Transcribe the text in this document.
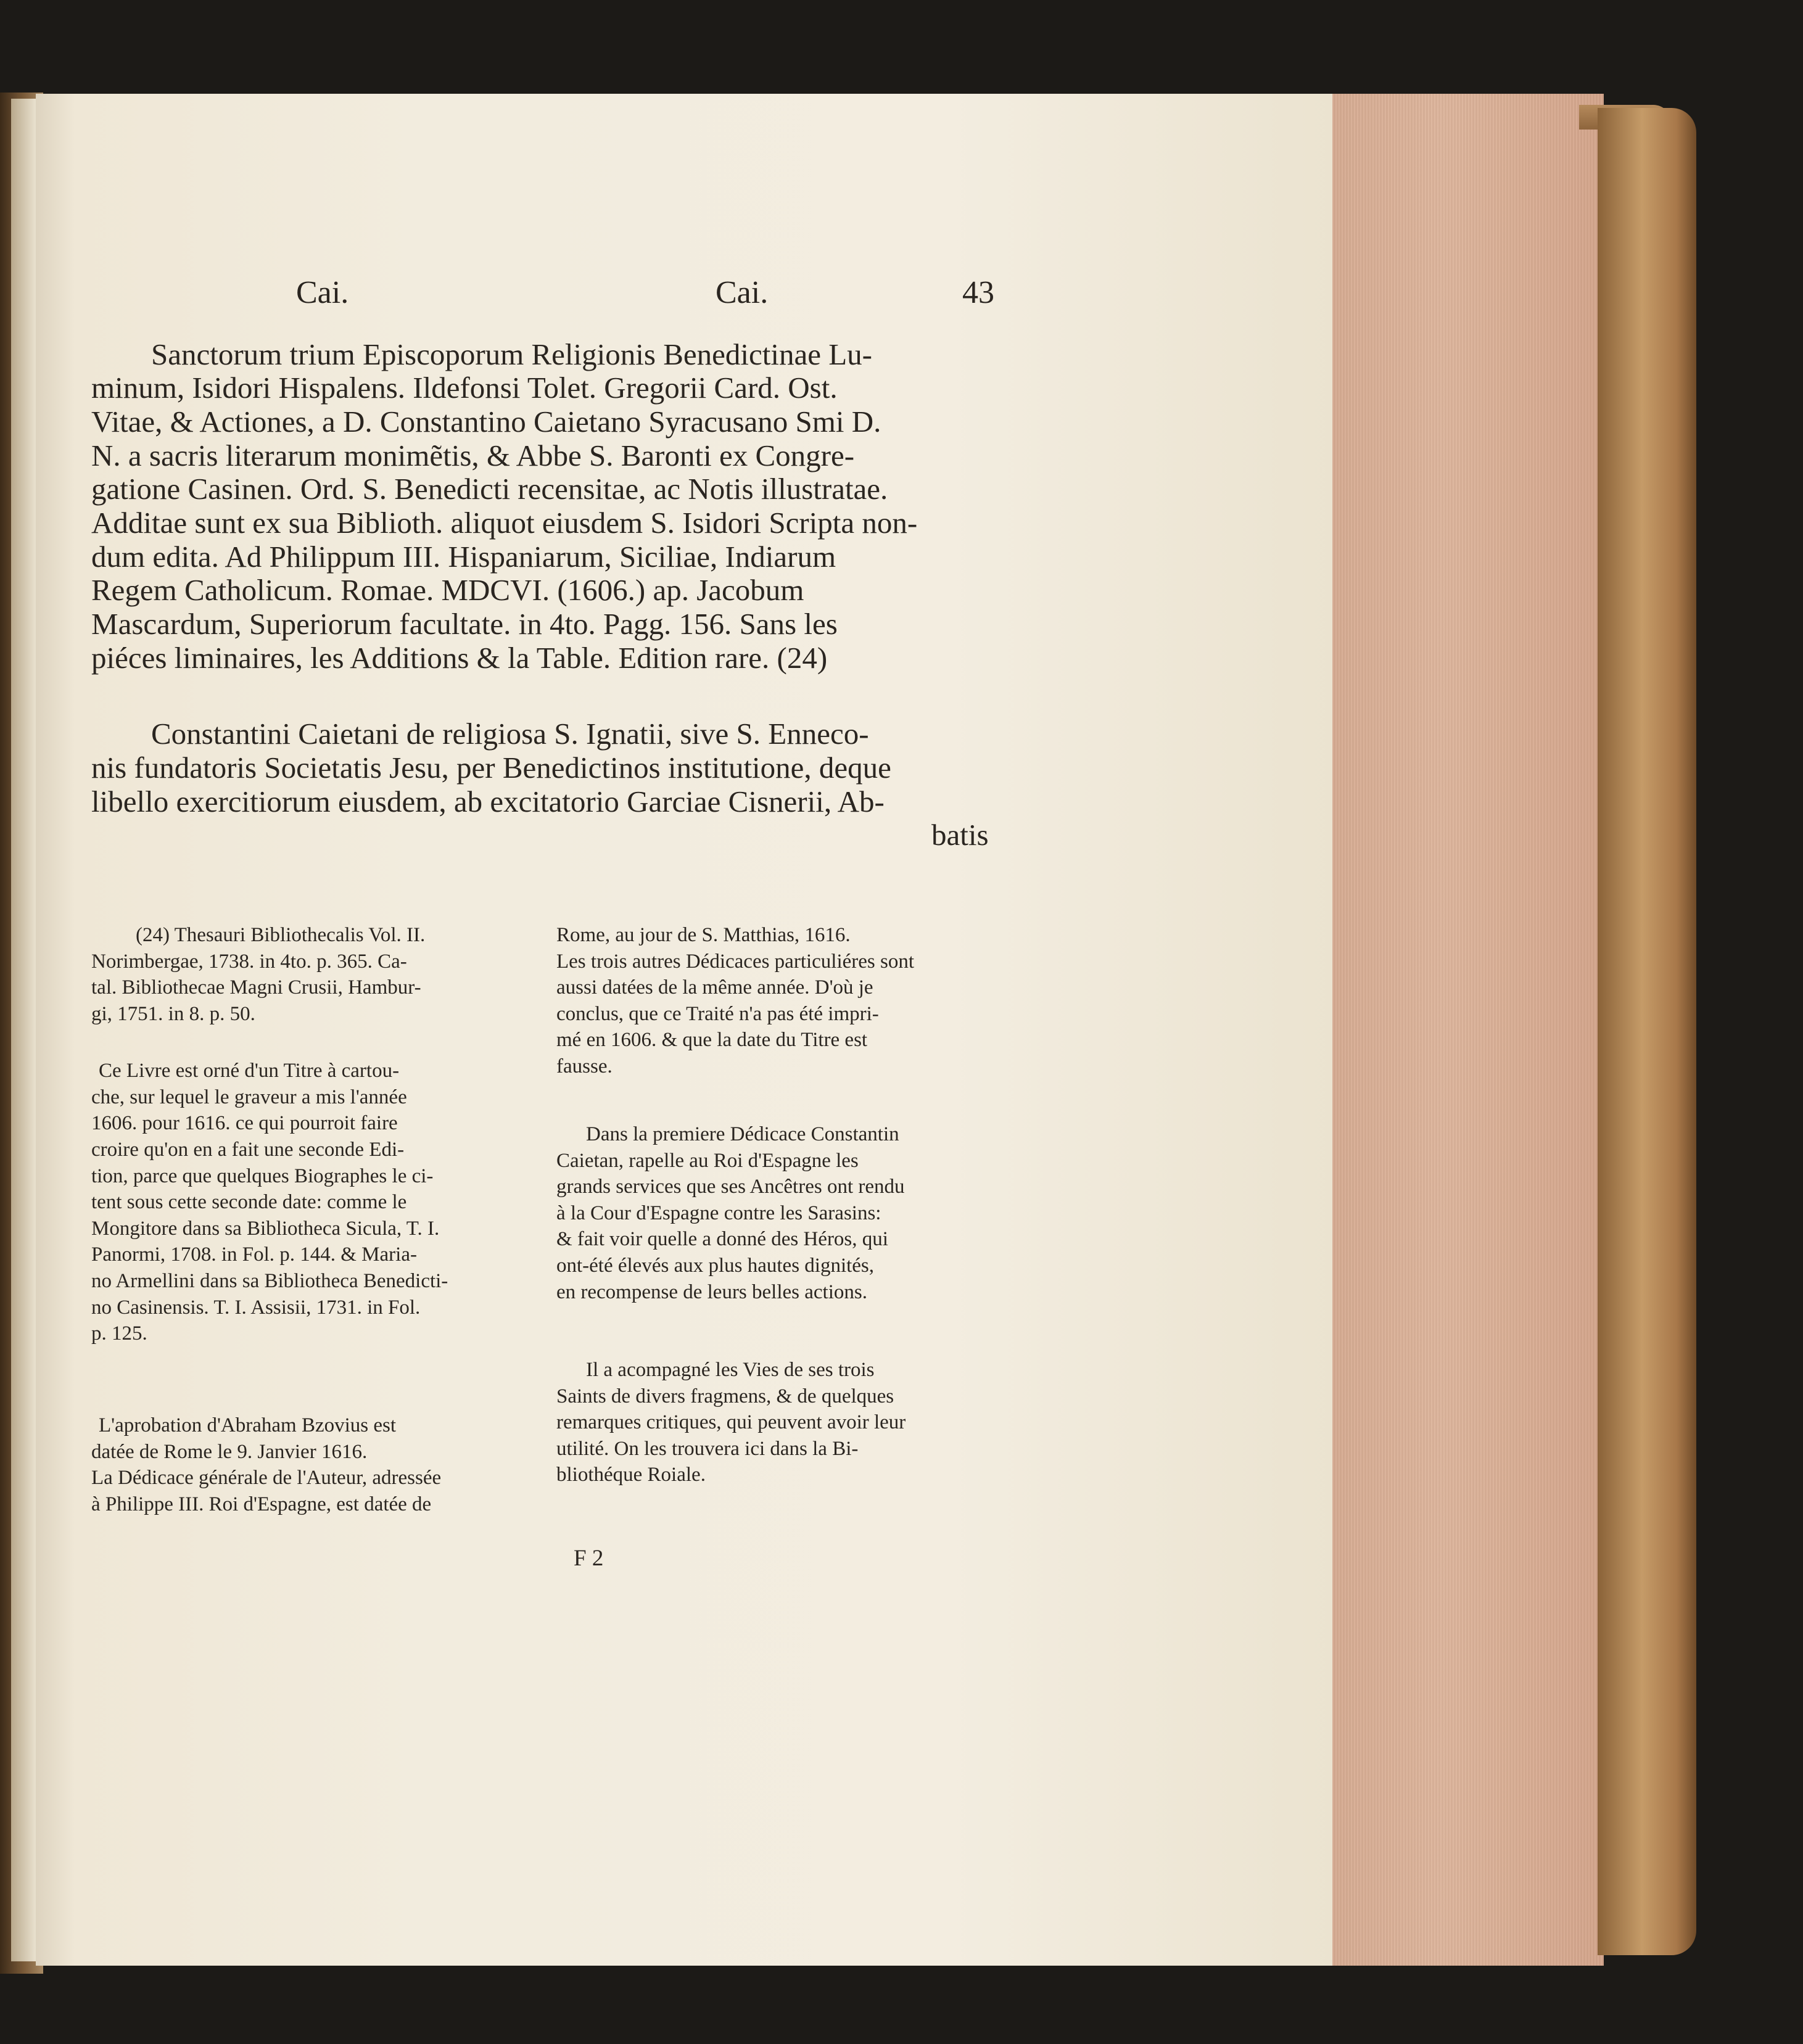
Cai.	Cai.	43

Sanctorum trium Episcoporum Religionis Benedictinae Lu-

minum, Isidori Hispalens. Ildefonsi Tolet. Gregorii Card. Ost.

Vitae, & Actiones, a D. Constantino Caietano Syracusano Smi D.

N. a sacris literarum monimẽtis, & Abbe S. Baronti ex Congre-

gatione Casinen. Ord. S. Benedicti recensitae, ac Notis illustratae.

Additae sunt ex sua Biblioth. aliquot eiusdem S. Isidori Scripta non-

dum edita. Ad Philippum III. Hispaniarum, Siciliae, Indiarum

Regem Catholicum. Romae. MDCVI. (1606.) ap. Jacobum

Mascardum, Superiorum facultate. in 4to. Pagg. 156. Sans les

piéces liminaires, les Additions & la Table. Edition rare. (24)

Constantini Caietani de religiosa S. Ignatii, sive S. Enneco-

nis fundatoris Societatis Jesu, per Benedictinos institutione, deque

libello exercitiorum eiusdem, ab excitatorio Garciae Cisnerii, Ab-

batis

(24) Thesauri Bibliothecalis Vol. II.

Norimbergae, 1738. in 4to. p. 365. Ca-

tal. Bibliothecae Magni Crusii, Hambur-

gi, 1751. in 8. p. 50.

Ce Livre est orné d'un Titre à cartou-

che, sur lequel le graveur a mis l'année

1606. pour 1616. ce qui pourroit faire

croire qu'on en a fait une seconde Edi-

tion, parce que quelques Biographes le ci-

tent sous cette seconde date: comme le

Mongitore dans sa Bibliotheca Sicula, T. I.

Panormi, 1708. in Fol. p. 144. & Maria-

no Armellini dans sa Bibliotheca Benedicti-

no Casinensis. T. I. Assisii, 1731. in Fol.

p. 125.

L'aprobation d'Abraham Bzovius est

datée de Rome le 9. Janvier 1616.

La Dédicace générale de l'Auteur, adressée

à Philippe III. Roi d'Espagne, est datée de

Rome, au jour de S. Matthias, 1616.

Les trois autres Dédicaces particuliéres sont

aussi datées de la même année. D'où je

conclus, que ce Traité n'a pas été impri-

mé en 1606. & que la date du Titre est

fausse.

Dans la premiere Dédicace Constantin

Caietan, rapelle au Roi d'Espagne les

grands services que ses Ancêtres ont rendu

à la Cour d'Espagne contre les Sarasins:

& fait voir quelle a donné des Héros, qui

ont-été élevés aux plus hautes dignités,

en recompense de leurs belles actions.

Il a acompagné les Vies de ses trois

Saints de divers fragmens, & de quelques

remarques critiques, qui peuvent avoir leur

utilité. On les trouvera ici dans la Bi-

bliothéque Roiale.

F 2
